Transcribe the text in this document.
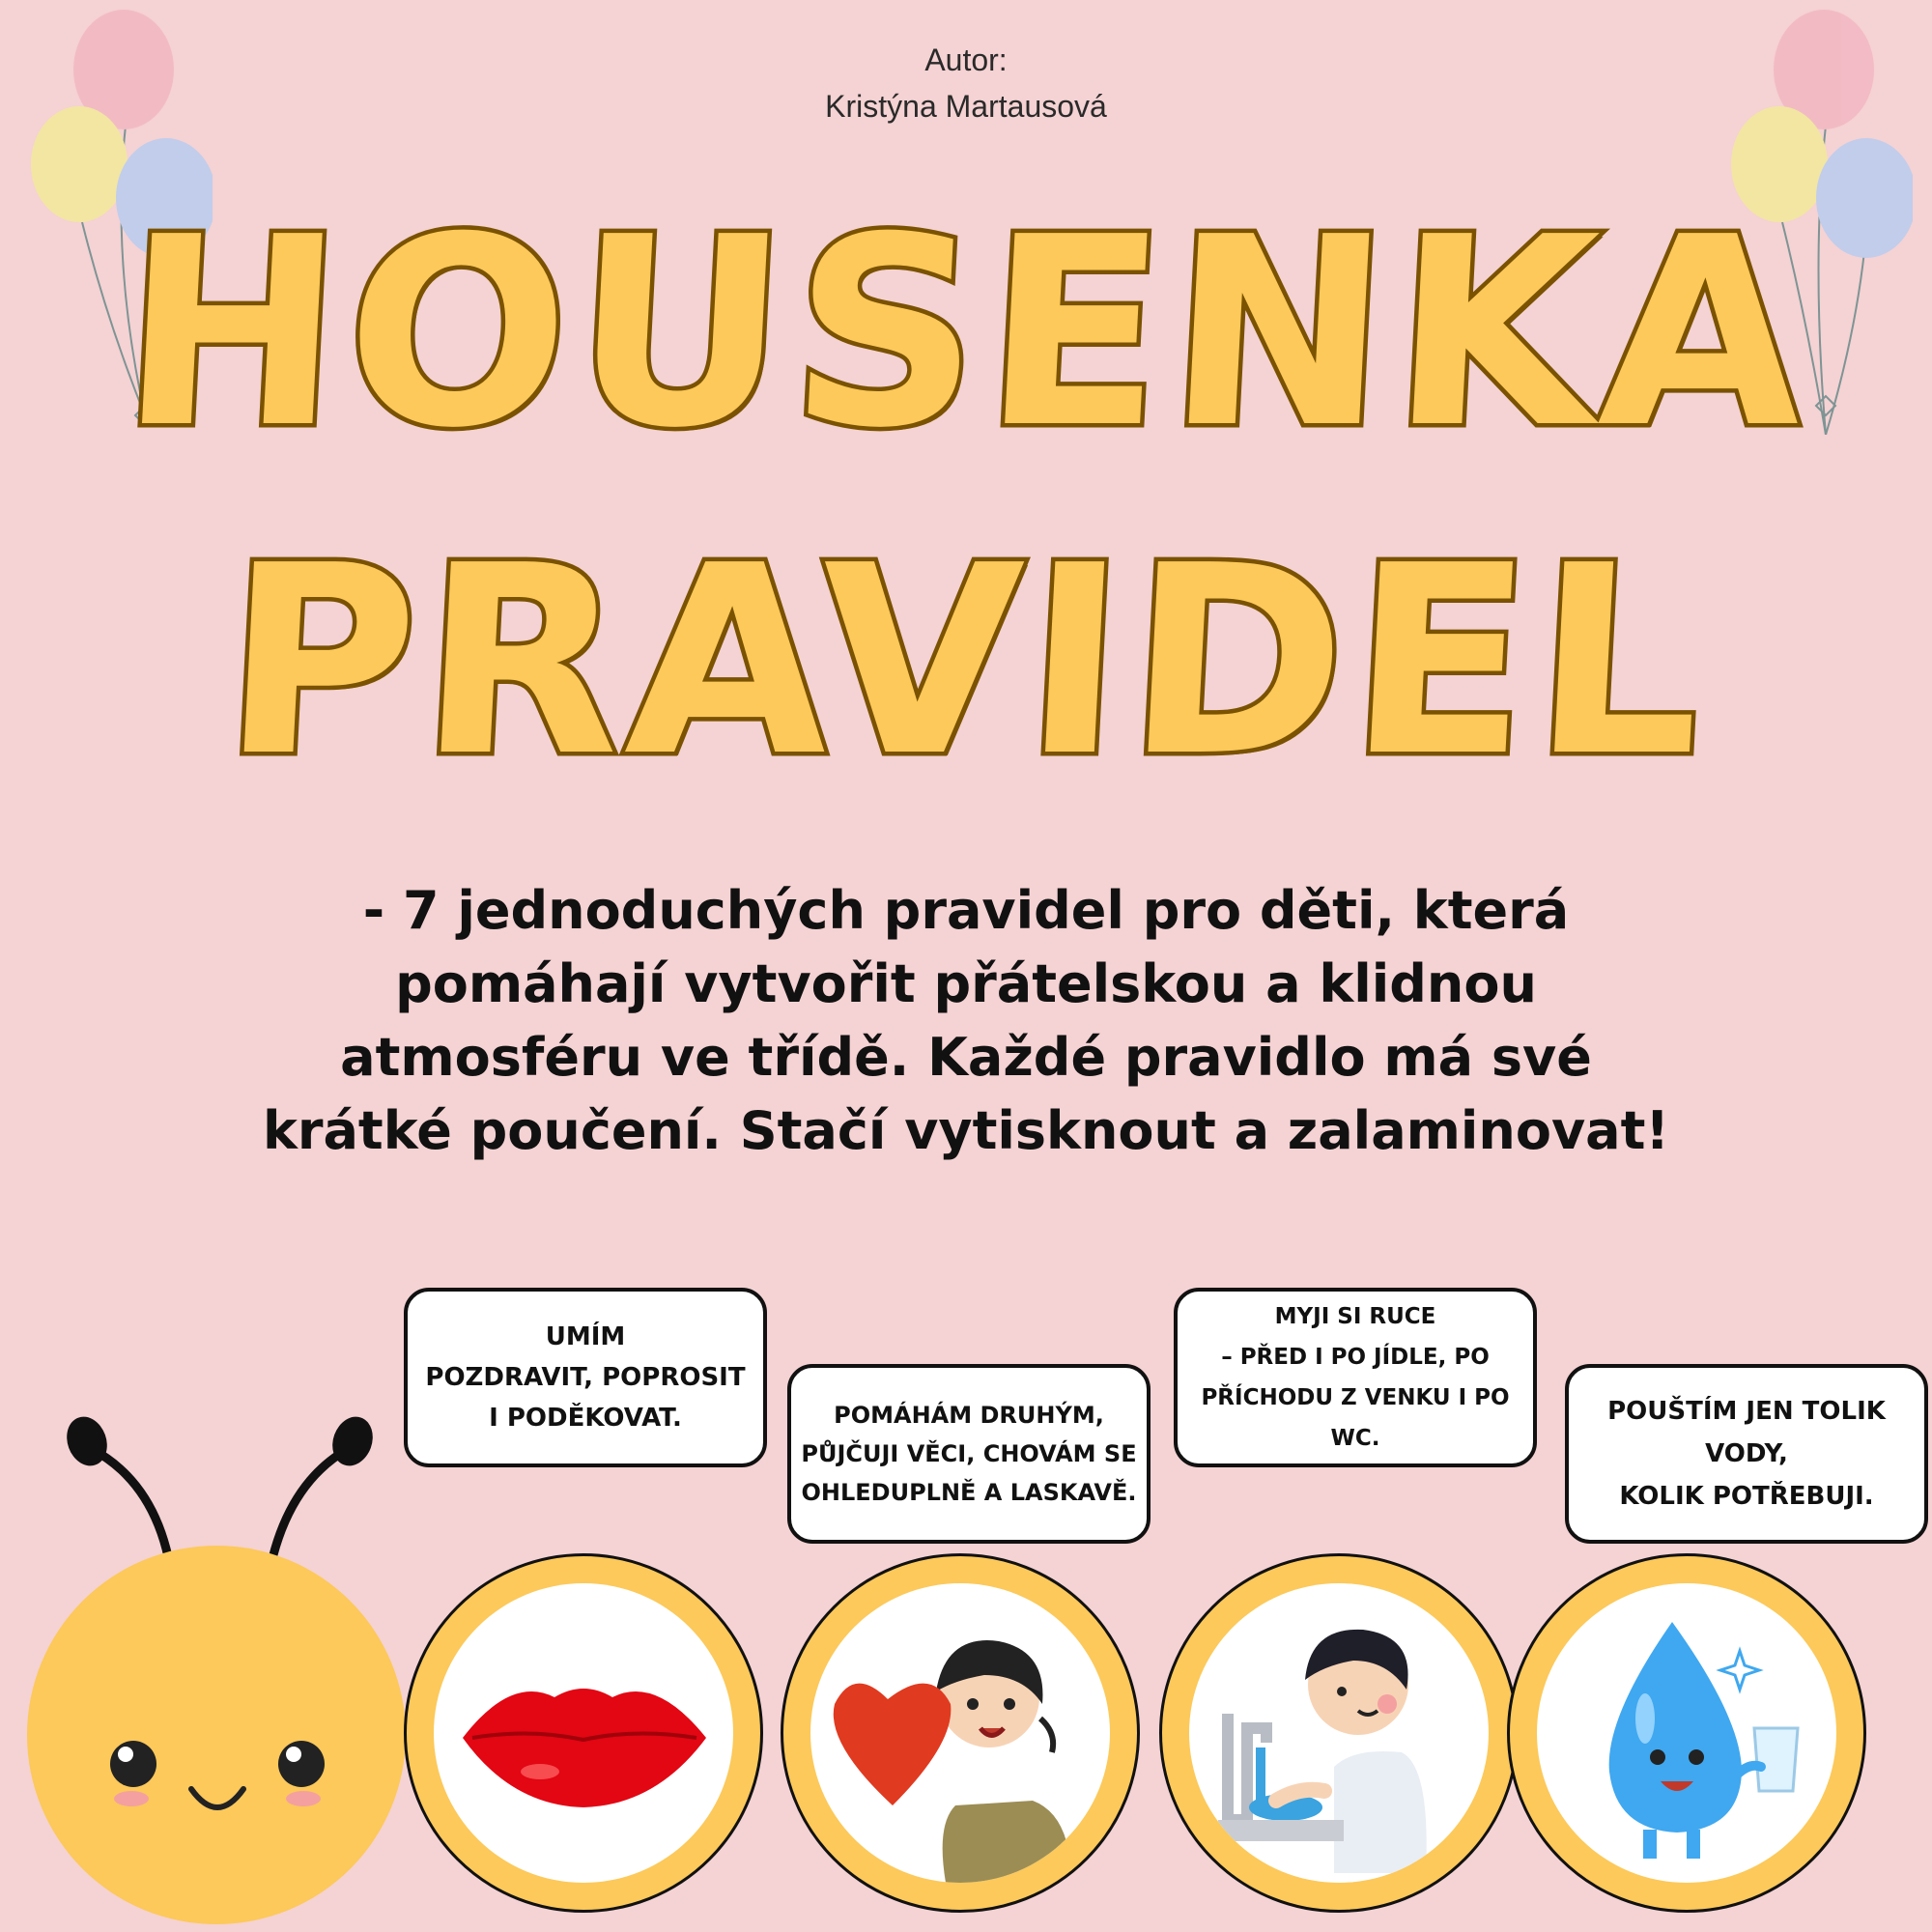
Autor:
Kristýna Martausová
HOUSENKA
PRAVIDEL
- 7 jednoduchých pravidel pro děti, která
pomáhají vytvořit přátelskou a klidnou
atmosféru ve třídě. Každé pravidlo má své
krátké poučení. Stačí vytisknout a zalaminovat!
UMÍM
POZDRAVIT, POPROSIT
I PODĚKOVAT.	POMÁHÁM DRUHÝM,
PŮJČUJI VĚCI, CHOVÁM SE
OHLEDUPLNĚ A LASKAVĚ.
MYJI SI RUCE
– PŘED I PO JÍDLE, PO
PŘÍCHODU Z VENKU I PO
WC.
POUŠTÍM JEN TOLIK
VODY,
KOLIK POTŘEBUJI.
